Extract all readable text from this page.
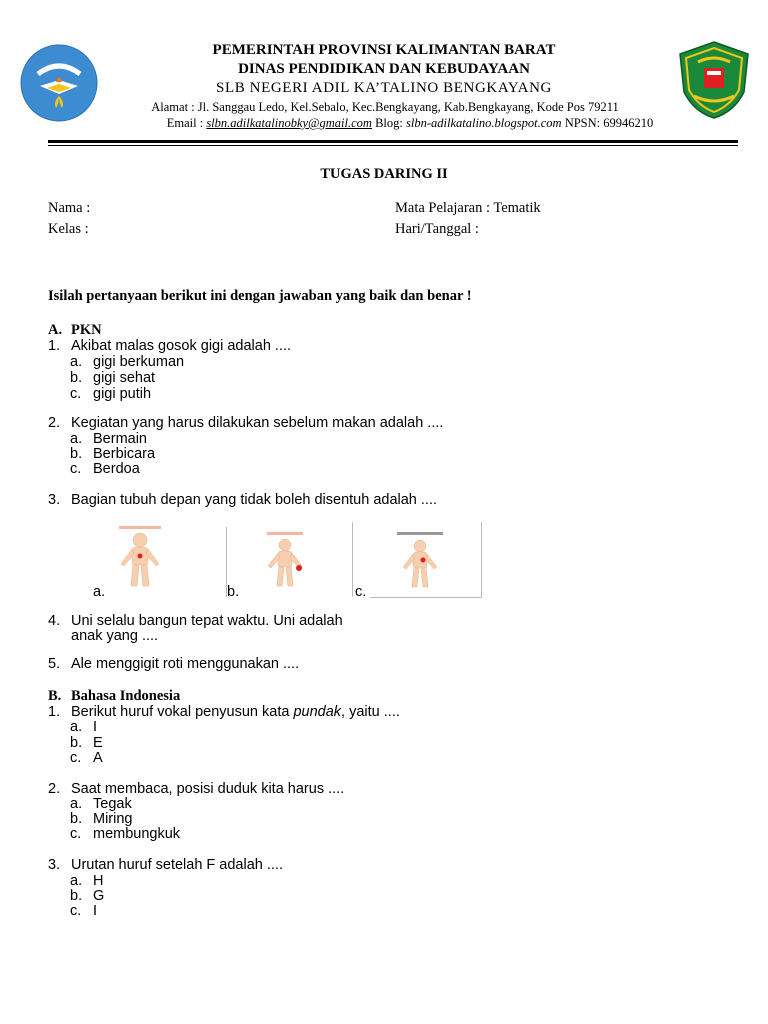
PEMERINTAH PROVINSI KALIMANTAN BARAT
DINAS PENDIDIKAN DAN KEBUDAYAAN
SLB NEGERI ADIL KA’TALINO BENGKAYANG
Alamat : Jl. Sanggau Ledo, Kel.Sebalo, Kec.Bengkayang, Kab.Bengkayang, Kode Pos 79211
Email : slbn.adilkatalinobky@gmail.com Blog: slbn-adilkatalino.blogspot.com NPSN: 69946210
TUGAS DARING II
Nama :
Kelas :
Mata Pelajaran : Tematik
Hari/Tanggal :
Isilah pertanyaan berikut ini dengan jawaban yang baik dan benar !
A. PKN
1. Akibat malas gosok gigi adalah ....
a. gigi berkuman
b. gigi sehat
c. gigi putih
2. Kegiatan yang harus dilakukan sebelum makan adalah ....
a. Bermain
b. Berbicara
c. Berdoa
3. Bagian tubuh depan yang tidak boleh disentuh adalah ....
a.	b.	c.
4. Uni selalu bangun tepat waktu. Uni adalah
anak yang ....
5. Ale menggigit roti menggunakan ....
B. Bahasa Indonesia
1. Berikut huruf vokal penyusun kata pundak, yaitu ....
a. I
b. E
c. A
2. Saat membaca, posisi duduk kita harus ....
a. Tegak
b. Miring
c. membungkuk
3. Urutan huruf setelah F adalah ....
a. H
b. G
c. I
